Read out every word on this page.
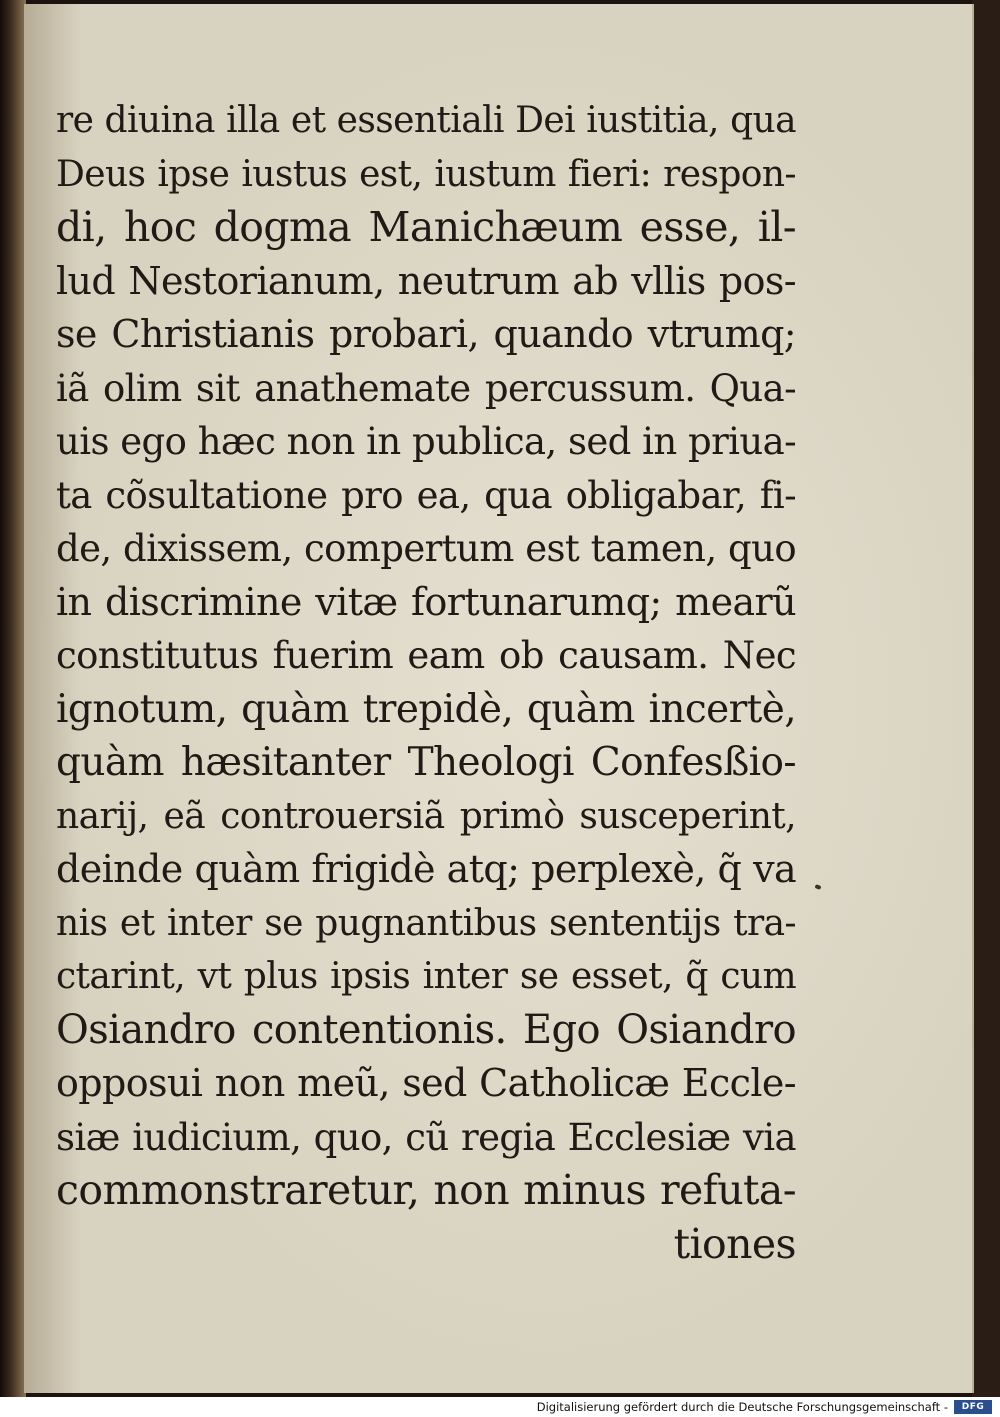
re diuina illa et essentiali Dei iustitia, qua
Deus ipse iustus est, iustum fieri: respon-
di, hoc dogma Manichæum esse, il-
lud Nestorianum, neutrum ab vllis pos-
se Christianis probari, quando vtrumq;
iã olim sit anathemate percussum. Qua-
uis ego hæc non in publica, sed in priua-
ta cõsultatione pro ea, qua obligabar, fi-
de, dixissem, compertum est tamen, quo
in discrimine vitæ fortunarumq; mearũ
constitutus fuerim eam ob causam. Nec
ignotum, quàm trepidè, quàm incertè,
quàm hæsitanter Theologi Confesßio-
narij, eã controuersiã primò susceperint,
deinde quàm frigidè atq; perplexè, q̃ va
nis et inter se pugnantibus sententijs tra-
ctarint, vt plus ipsis inter se esset, q̃ cum
Osiandro contentionis. Ego Osiandro
opposui non meũ, sed Catholicæ Eccle-
siæ iudicium, quo, cũ regia Ecclesiæ via
commonstraretur, non minus refuta-
tiones
Digitalisierung gefördert durch die Deutsche Forschungsgemeinschaft -	DFG
